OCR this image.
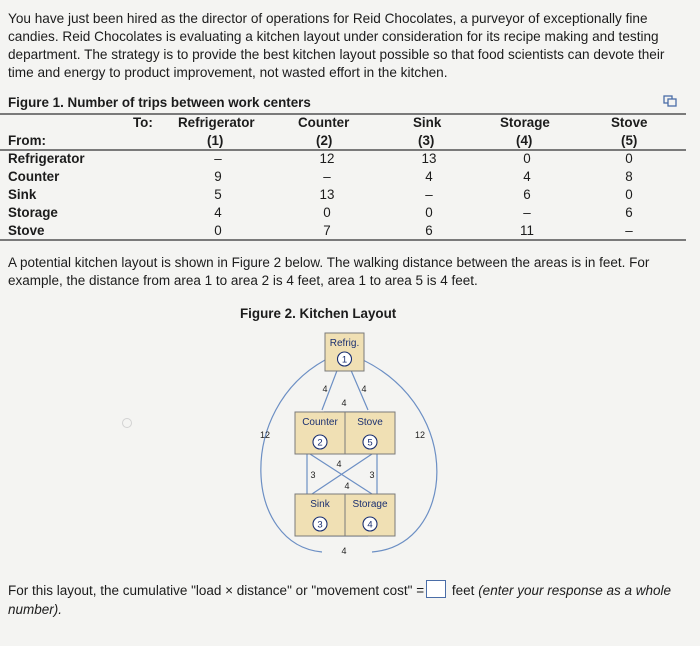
You have just been hired as the director of operations for Reid Chocolates, a purveyor of exceptionally fine candies. Reid Chocolates is evaluating a kitchen layout under consideration for its recipe making and testing department. The strategy is to provide the best kitchen layout possible so that food scientists can devote their time and energy to product improvement, not wasted effort in the kitchen.
Figure 1. Number of trips between work centers
To: Refrigerator	Counter	Sink	Storage	Stove
From:	(1)	(2)	(3)	(4)	(5)
Refrigerator	–	12	13	0	0
Counter	9	–	4	4	8
Sink	5	13	–	6	0
Storage	4	0	0	–	6
Stove	0	7	6	11	–
A potential kitchen layout is shown in Figure 2 below. The walking distance between the areas is in feet. For example, the distance from area 1 to area 2 is 4 feet, area 1 to area 5 is 4 feet.
Figure 2. Kitchen Layout
Refrig.
Counter Stove
Sink Storage
1
2	5
3	4
4	4
4
3
4
3
4
4
12	12
For this layout, the cumulative "load × distance" or "movement cost" = feet (enter your response as a whole number).
